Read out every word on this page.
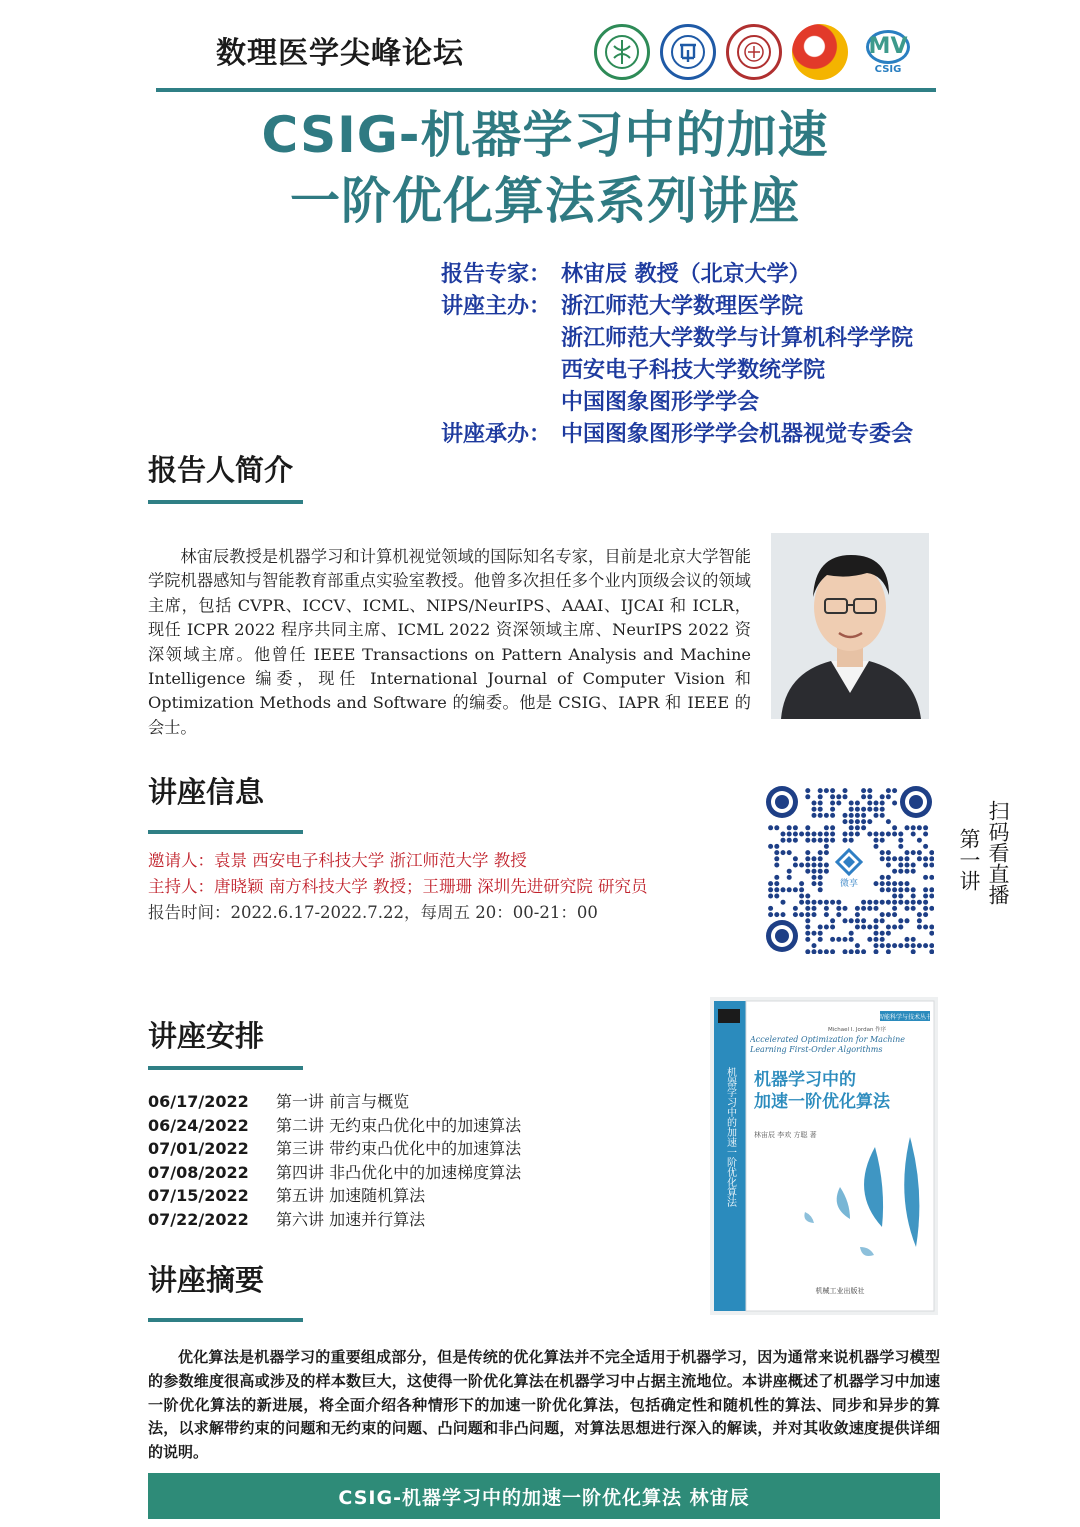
数理医学尖峰论坛	MV
CSIG
CSIG-机器学习中的加速
一阶优化算法系列讲座
报告专家： 林宙辰 教授（北京大学）
讲座主办： 浙江师范大学数理医学院
浙江师范大学数学与计算机科学学院
西安电子科技大学数统学院
中国图象图形学学会
讲座承办： 中国图象图形学学会机器视觉专委会
报告人简介
林宙辰教授是机器学习和计算机视觉领域的国际知名专家，目前是北京大学智能学院机器感知与智能教育部重点实验室教授。他曾多次担任多个业内顶级会议的领域主席，包括 CVPR、ICCV、ICML、NIPS/NeurIPS、AAAI、IJCAI 和 ICLR，现任 ICPR 2022 程序共同主席、ICML 2022 资深领域主席、NeurIPS 2022 资深领域主席。他曾任 IEEE Transactions on Pattern Analysis and Machine Intelligence 编委，现任 International Journal of Computer Vision 和 Optimization Methods and Software 的编委。他是 CSIG、IAPR 和 IEEE 的会士。
讲座信息
邀请人：袁景 西安电子科技大学 浙江师范大学 教授
主持人：唐晓颖 南方科技大学 教授；王珊珊 深圳先进研究院 研究员
报告时间：2022.6.17-2022.7.22，每周五 20：00-21：00
微享	扫码看直播
第一讲
机器学习中的加速一阶优化算法
智能科学与技术丛书
Michael I. Jordan 作序
Accelerated Optimization for Machine Learning First-Order Algorithms
机器学习中的
加速一阶优化算法
林宙辰 李欢 方聪 著
机械工业出版社
讲座安排
06/17/2022	第一讲 前言与概览
06/24/2022	第二讲 无约束凸优化中的加速算法
07/01/2022	第三讲 带约束凸优化中的加速算法
07/08/2022	第四讲 非凸优化中的加速梯度算法
07/15/2022	第五讲 加速随机算法
07/22/2022	第六讲 加速并行算法
讲座摘要
优化算法是机器学习的重要组成部分，但是传统的优化算法并不完全适用于机器学习，因为通常来说机器学习模型的参数维度很高或涉及的样本数巨大，这使得一阶优化算法在机器学习中占据主流地位。本讲座概述了机器学习中加速一阶优化算法的新进展，将全面介绍各种情形下的加速一阶优化算法，包括确定性和随机性的算法、同步和异步的算法，以求解带约束的问题和无约束的问题、凸问题和非凸问题，对算法思想进行深入的解读，并对其收敛速度提供详细的说明。
CSIG-机器学习中的加速一阶优化算法 林宙辰
